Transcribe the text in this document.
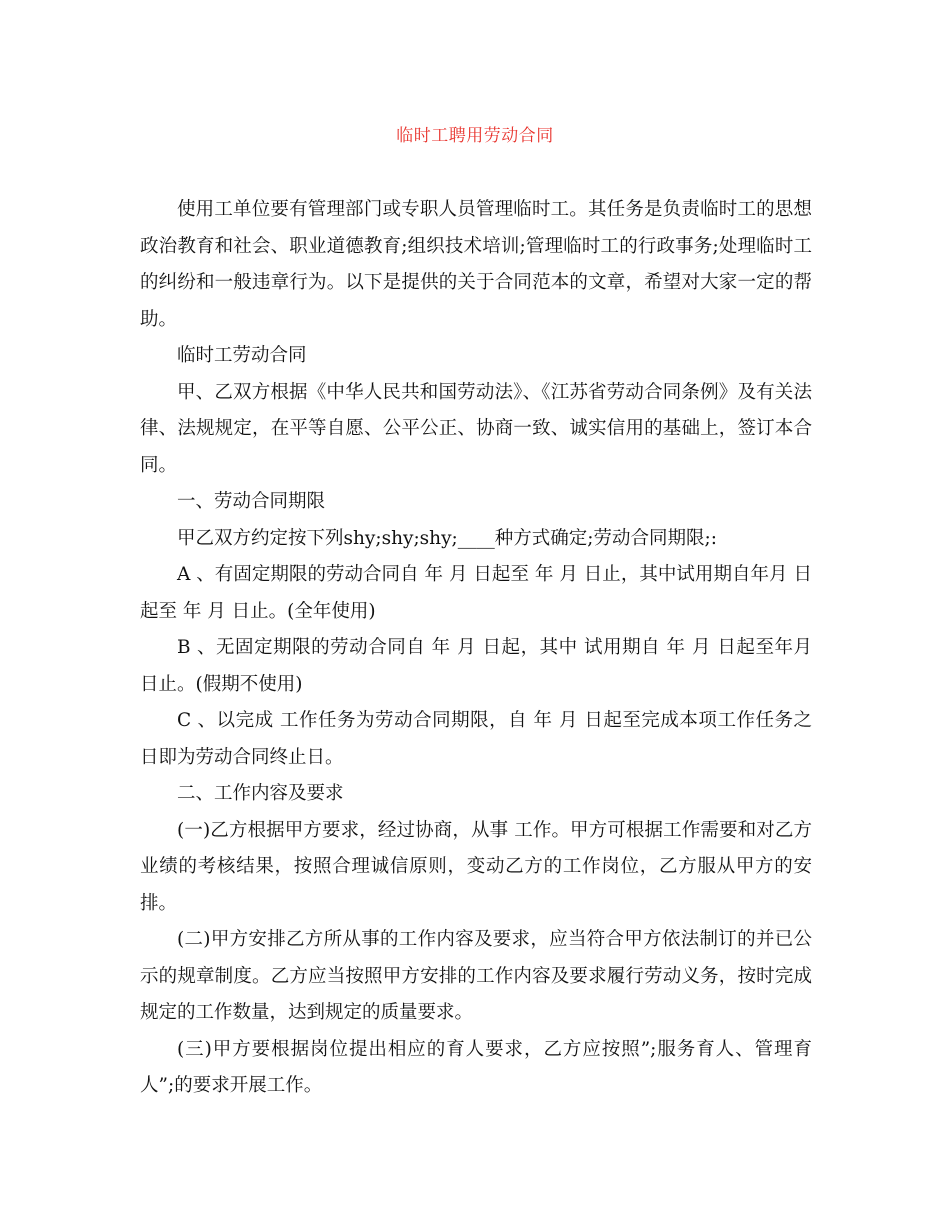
临时工聘用劳动合同

使用工单位要有管理部门或专职人员管理临时工。其任务是负责临时工的思想政治教育和社会、职业道德教育;组织技术培训;管理临时工的行政事务;处理临时工的纠纷和一般违章行为。以下是提供的关于合同范本的文章，希望对大家一定的帮助。

临时工劳动合同

甲、乙双方根据《中华人民共和国劳动法》、《江苏省劳动合同条例》及有关法律、法规规定，在平等自愿、公平公正、协商一致、诚实信用的基础上，签订本合同。

一、劳动合同期限

甲乙双方约定按下列shy;shy;shy;____种方式确定;劳动合同期限;:

A 、有固定期限的劳动合同自 年 月 日起至 年 月 日止，其中试用期自年月 日起至 年 月 日止。(全年使用)

B 、无固定期限的劳动合同自 年 月 日起，其中 试用期自 年 月 日起至年月 日止。(假期不使用)

C 、以完成 工作任务为劳动合同期限，自 年 月 日起至完成本项工作任务之日即为劳动合同终止日。

二、工作内容及要求

(一)乙方根据甲方要求，经过协商，从事 工作。甲方可根据工作需要和对乙方业绩的考核结果，按照合理诚信原则，变动乙方的工作岗位，乙方服从甲方的安排。

(二)甲方安排乙方所从事的工作内容及要求，应当符合甲方依法制订的并已公示的规章制度。乙方应当按照甲方安排的工作内容及要求履行劳动义务，按时完成规定的工作数量，达到规定的质量要求。

(三)甲方要根据岗位提出相应的育人要求，乙方应按照”;服务育人、管理育人”;的要求开展工作。
